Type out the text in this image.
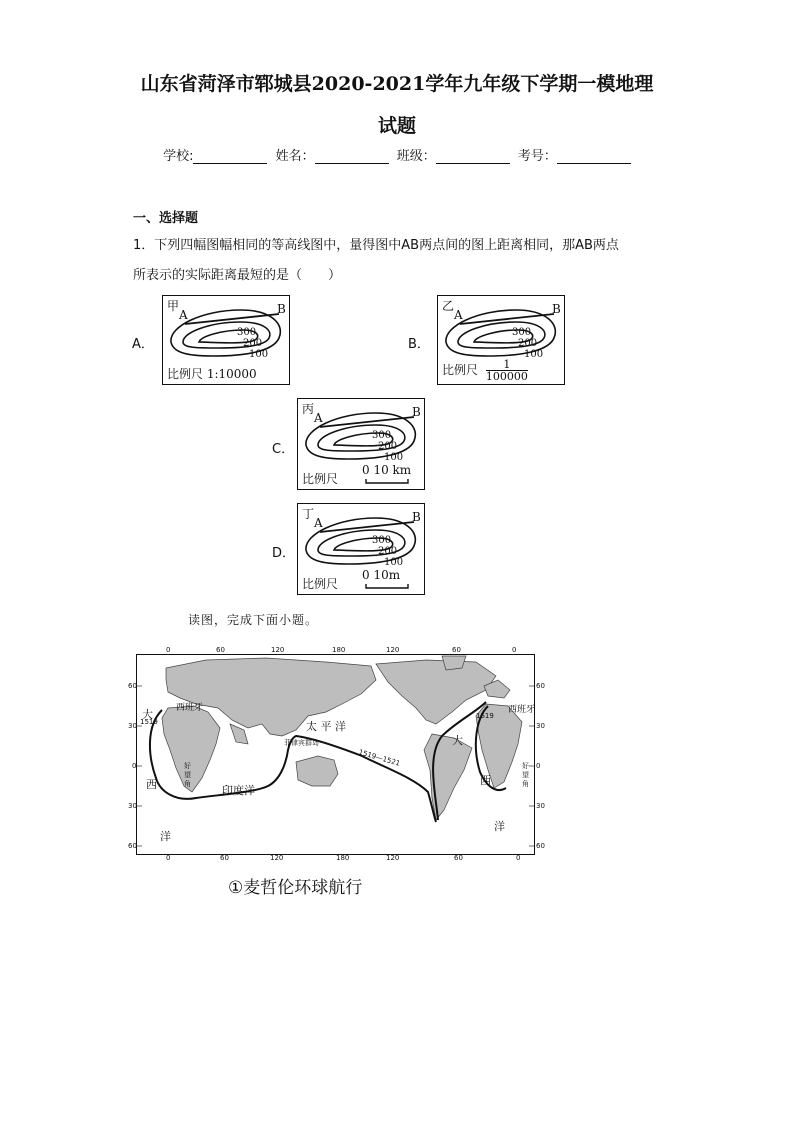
山东省菏泽市郓城县2020-2021学年九年级下学期一模地理
试题
学校:	姓名：	班级：	考号：
一、选择题
1．下列四幅图幅相同的等高线图中，量得图中AB两点间的图上距离相同，那AB两点
所表示的实际距离最短的是（　　）
A．
甲
A	B
300
200
100
比例尺 1:10000
B．
乙
A	B
300
200
100
比例尺 $\frac{1}{100000}$
C．
丙
A	B
300
200
100
0 10 km
比例尺
D．
丁
A	B
300
200
100
0 10m
比例尺
读图，完成下面小题。
0	60	120	180	120	60	0
0	60	120	180	120	60	0
60
30
0
30
60
60
30
0
30
60
西班牙	西班牙
1519
1519
大
西
洋
太 平 洋
印度洋
菲律宾群岛
1519—1521
大
西
洋
好望角
好望角
①麦哲伦环球航行
